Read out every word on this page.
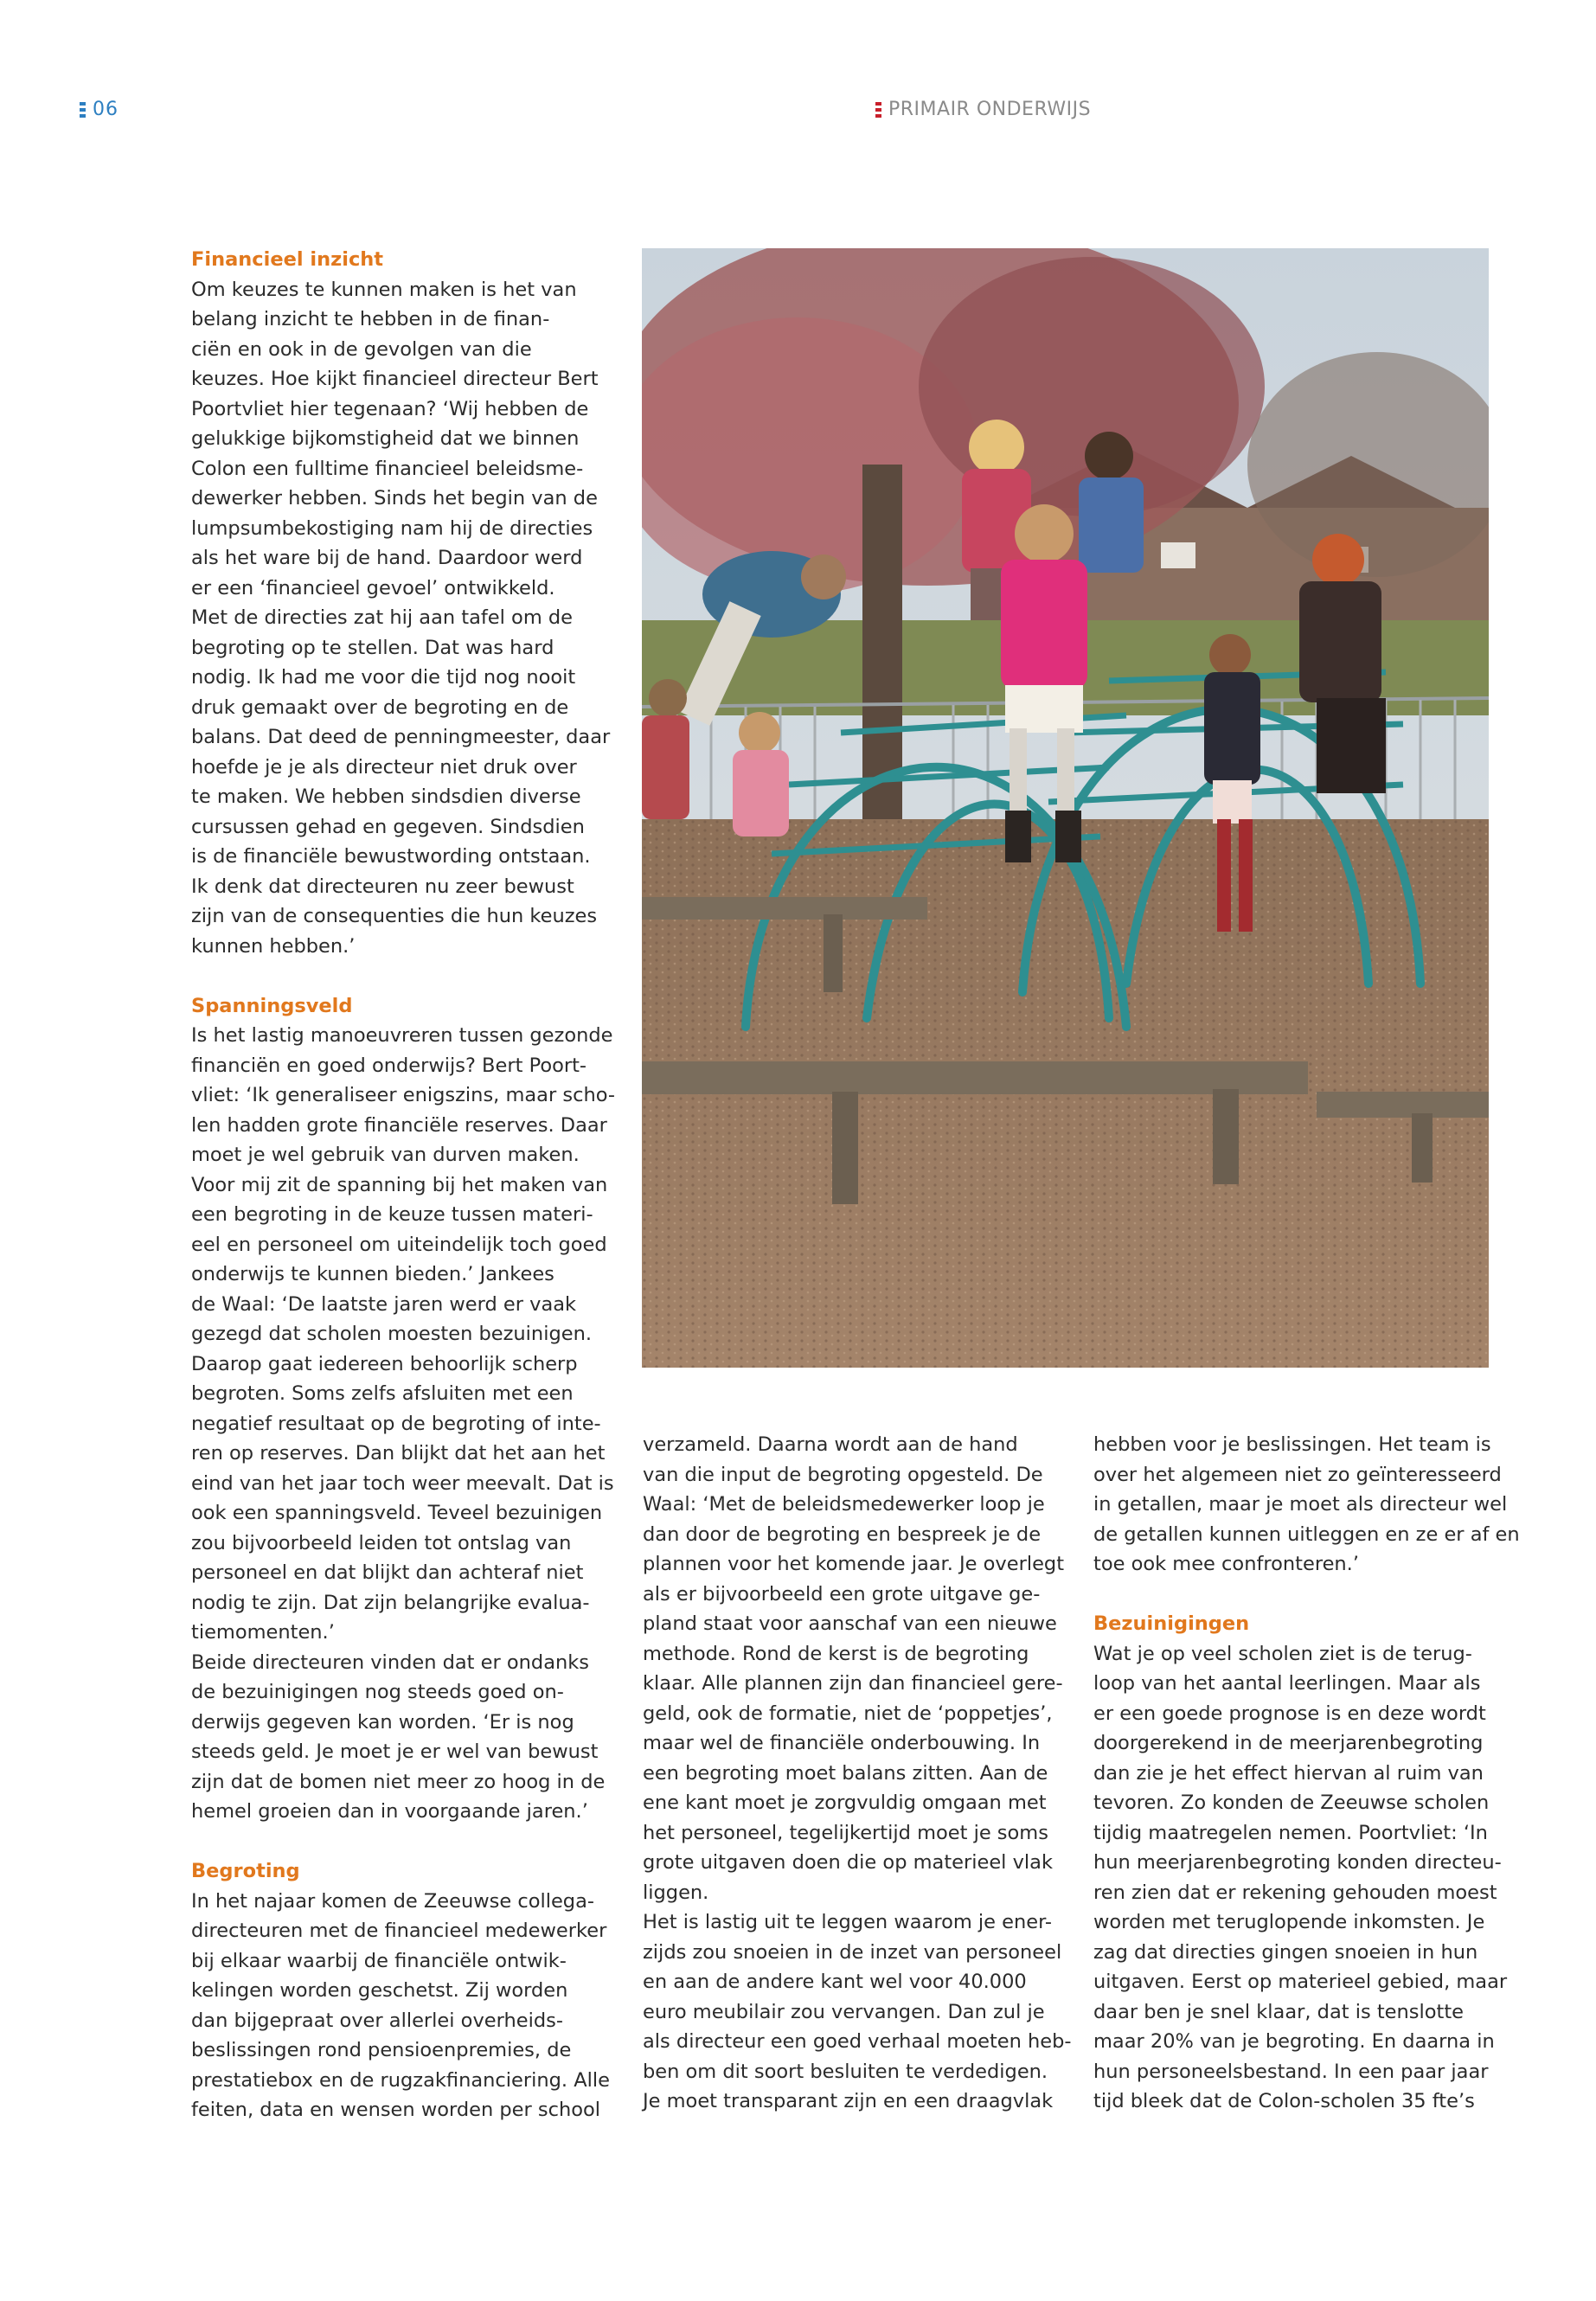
06	PRIMAIR ONDERWIJS
Financieel inzicht
Om keuzes te kunnen maken is het van
belang inzicht te hebben in de finan-
ciën en ook in de gevolgen van die
keuzes. Hoe kijkt financieel directeur Bert
Poortvliet hier tegenaan? ‘Wij hebben de
gelukkige bijkomstigheid dat we binnen
Colon een fulltime financieel beleidsme-
dewerker hebben. Sinds het begin van de
lumpsumbekostiging nam hij de directies
als het ware bij de hand. Daardoor werd
er een ‘financieel gevoel’ ontwikkeld.
Met de directies zat hij aan tafel om de
begroting op te stellen. Dat was hard
nodig. Ik had me voor die tijd nog nooit
druk gemaakt over de begroting en de
balans. Dat deed de penningmeester, daar
hoefde je je als directeur niet druk over
te maken. We hebben sindsdien diverse
cursussen gehad en gegeven. Sindsdien
is de financiële bewustwording ontstaan.
Ik denk dat directeuren nu zeer bewust
zijn van de consequenties die hun keuzes
kunnen hebben.’
Spanningsveld
Is het lastig manoeuvreren tussen gezonde
financiën en goed onderwijs? Bert Poort-
vliet: ‘Ik generaliseer enigszins, maar scho-
len hadden grote financiële reserves. Daar
moet je wel gebruik van durven maken.
Voor mij zit de spanning bij het maken van
een begroting in de keuze tussen materi-
eel en personeel om uiteindelijk toch goed
onderwijs te kunnen bieden.’ Jankees
de Waal: ‘De laatste jaren werd er vaak
gezegd dat scholen moesten bezuinigen.
Daarop gaat iedereen behoorlijk scherp
begroten. Soms zelfs afsluiten met een
negatief resultaat op de begroting of inte-
ren op reserves. Dan blijkt dat het aan het
eind van het jaar toch weer meevalt. Dat is
ook een spanningsveld. Teveel bezuinigen
zou bijvoorbeeld leiden tot ontslag van
personeel en dat blijkt dan achteraf niet
nodig te zijn. Dat zijn belangrijke evalua-
tiemomenten.’
Beide directeuren vinden dat er ondanks
de bezuinigingen nog steeds goed on-
derwijs gegeven kan worden. ‘Er is nog
steeds geld. Je moet je er wel van bewust
zijn dat de bomen niet meer zo hoog in de
hemel groeien dan in voorgaande jaren.’
Begroting
In het najaar komen de Zeeuwse collega-
directeuren met de financieel medewerker
bij elkaar waarbij de financiële ontwik-
kelingen worden geschetst. Zij worden
dan bijgepraat over allerlei overheids-
beslissingen rond pensioenpremies, de
prestatiebox en de rugzakfinanciering. Alle
feiten, data en wensen worden per school
verzameld. Daarna wordt aan de hand
van die input de begroting opgesteld. De
Waal: ‘Met de beleidsmedewerker loop je
dan door de begroting en bespreek je de
plannen voor het komende jaar. Je overlegt
als er bijvoorbeeld een grote uitgave ge-
pland staat voor aanschaf van een nieuwe
methode. Rond de kerst is de begroting
klaar. Alle plannen zijn dan financieel gere-
geld, ook de formatie, niet de ‘poppetjes’,
maar wel de financiële onderbouwing. In
een begroting moet balans zitten. Aan de
ene kant moet je zorgvuldig omgaan met
het personeel, tegelijkertijd moet je soms
grote uitgaven doen die op materieel vlak
liggen.
Het is lastig uit te leggen waarom je ener-
zijds zou snoeien in de inzet van personeel
en aan de andere kant wel voor 40.000
euro meubilair zou vervangen. Dan zul je
als directeur een goed verhaal moeten heb-
ben om dit soort besluiten te verdedigen.
Je moet transparant zijn en een draagvlak
hebben voor je beslissingen. Het team is
over het algemeen niet zo geïnteresseerd
in getallen, maar je moet als directeur wel
de getallen kunnen uitleggen en ze er af en
toe ook mee confronteren.’
Bezuinigingen
Wat je op veel scholen ziet is de terug-
loop van het aantal leerlingen. Maar als
er een goede prognose is en deze wordt
doorgerekend in de meerjarenbegroting
dan zie je het effect hiervan al ruim van
tevoren. Zo konden de Zeeuwse scholen
tijdig maatregelen nemen. Poortvliet: ‘In
hun meerjarenbegroting konden directeu-
ren zien dat er rekening gehouden moest
worden met teruglopende inkomsten. Je
zag dat directies gingen snoeien in hun
uitgaven. Eerst op materieel gebied, maar
daar ben je snel klaar, dat is tenslotte
maar 20% van je begroting. En daarna in
hun personeelsbestand. In een paar jaar
tijd bleek dat de Colon-scholen 35 fte’s
